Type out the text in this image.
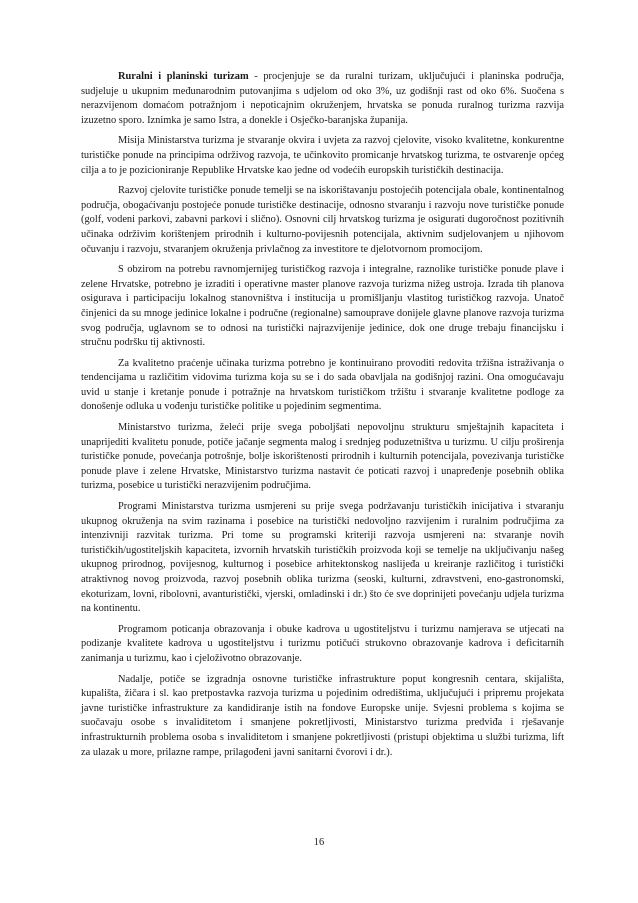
Ruralni i planinski turizam - procjenjuje se da ruralni turizam, uključujući i planinska područja, sudjeluje u ukupnim međunarodnim putovanjima s udjelom od oko 3%, uz godišnji rast od oko 6%. Suočena s nerazvijenom domaćom potražnjom i nepoticajnim okruženjem, hrvatska se ponuda ruralnog turizma razvija izuzetno sporo. Iznimka je samo Istra, a donekle i Osječko-baranjska županija.

Misija Ministarstva turizma je stvaranje okvira i uvjeta za razvoj cjelovite, visoko kvalitetne, konkurentne turističke ponude na principima održivog razvoja, te učinkovito promicanje hrvatskog turizma, te ostvarenje općeg cilja a to je pozicioniranje Republike Hrvatske kao jedne od vodećih europskih turističkih destinacija.

Razvoj cjelovite turističke ponude temelji se na iskorištavanju postojećih potencijala obale, kontinentalnog područja, obogaćivanju postojeće ponude turističke destinacije, odnosno stvaranju i razvoju nove turističke ponude (golf, vodeni parkovi, zabavni parkovi i slično). Osnovni cilj hrvatskog turizma je osigurati dugoročnost pozitivnih učinaka održivim korištenjem prirodnih i kulturno-povijesnih potencijala, aktivnim sudjelovanjem u njihovom očuvanju i razvoju, stvaranjem okruženja privlačnog za investitore te djelotvornom promocijom.

S obzirom na potrebu ravnomjernijeg turističkog razvoja i integralne, raznolike turističke ponude plave i zelene Hrvatske, potrebno je izraditi i operativne master planove razvoja turizma nižeg ustroja. Izrada tih planova osigurava i participaciju lokalnog stanovništva i institucija u promišljanju vlastitog turističkog razvoja. Unatoč činjenici da su mnoge jedinice lokalne i područne (regionalne) samouprave donijele glavne planove razvoja turizma svog područja, uglavnom se to odnosi na turistički najrazvijenije jedinice, dok one druge trebaju financijsku i stručnu podršku tij aktivnosti.

Za kvalitetno praćenje učinaka turizma potrebno je kontinuirano provoditi redovita tržišna istraživanja o tendencijama u različitim vidovima turizma koja su se i do sada obavljala na godišnjoj razini. Ona omogućavaju uvid u stanje i kretanje ponude i potražnje na hrvatskom turističkom tržištu i stvaranje kvalitetne podloge za donošenje odluka u vođenju turističke politike u pojedinim segmentima.

Ministarstvo turizma, želeći prije svega poboljšati nepovoljnu strukturu smještajnih kapaciteta i unaprijediti kvalitetu ponude, potiče jačanje segmenta malog i srednjeg poduzetništva u turizmu. U cilju proširenja turističke ponude, povećanja potrošnje, bolje iskorištenosti prirodnih i kulturnih potencijala, povezivanja turističke ponude plave i zelene Hrvatske, Ministarstvo turizma nastavit će poticati razvoj i unapređenje posebnih oblika turizma, posebice u turistički nerazvijenim područjima.

Programi Ministarstva turizma usmjereni su prije svega podržavanju turističkih inicijativa i stvaranju ukupnog okruženja na svim razinama i posebice na turistički nedovoljno razvijenim i ruralnim područjima za intenzivniji razvitak turizma. Pri tome su programski kriteriji razvoja usmjereni na: stvaranje novih turističkih/ugostiteljskih kapaciteta, izvornih hrvatskih turističkih proizvoda koji se temelje na uključivanju našeg ukupnog prirodnog, povijesnog, kulturnog i posebice arhitektonskog naslijeđa u kreiranje različitog i turistički atraktivnog novog proizvoda, razvoj posebnih oblika turizma (seoski, kulturni, zdravstveni, eno-gastronomski, ekoturizam, lovni, ribolovni, avanturistički, vjerski, omladinski i dr.) što će sve doprinijeti povećanju udjela turizma na kontinentu.

Programom poticanja obrazovanja i obuke kadrova u ugostiteljstvu i turizmu namjerava se utjecati na podizanje kvalitete kadrova u ugostiteljstvu i turizmu potičući strukovno obrazovanje kadrova i deficitarnih zanimanja u turizmu, kao i cjeloživotno obrazovanje.

Nadalje, potiče se izgradnja osnovne turističke infrastrukture poput kongresnih centara, skijališta, kupališta, žičara i sl. kao pretpostavka razvoja turizma u pojedinim odredištima, uključujući i pripremu projekata javne turističke infrastrukture za kandidiranje istih na fondove Europske unije. Svjesni problema s kojima se suočavaju osobe s invaliditetom i smanjene pokretljivosti, Ministarstvo turizma predviđa i rješavanje infrastrukturnih problema osoba s invaliditetom i smanjene pokretljivosti (pristupi objektima u službi turizma, lift za ulazak u more, prilazne rampe, prilagođeni javni sanitarni čvorovi i dr.).

16
